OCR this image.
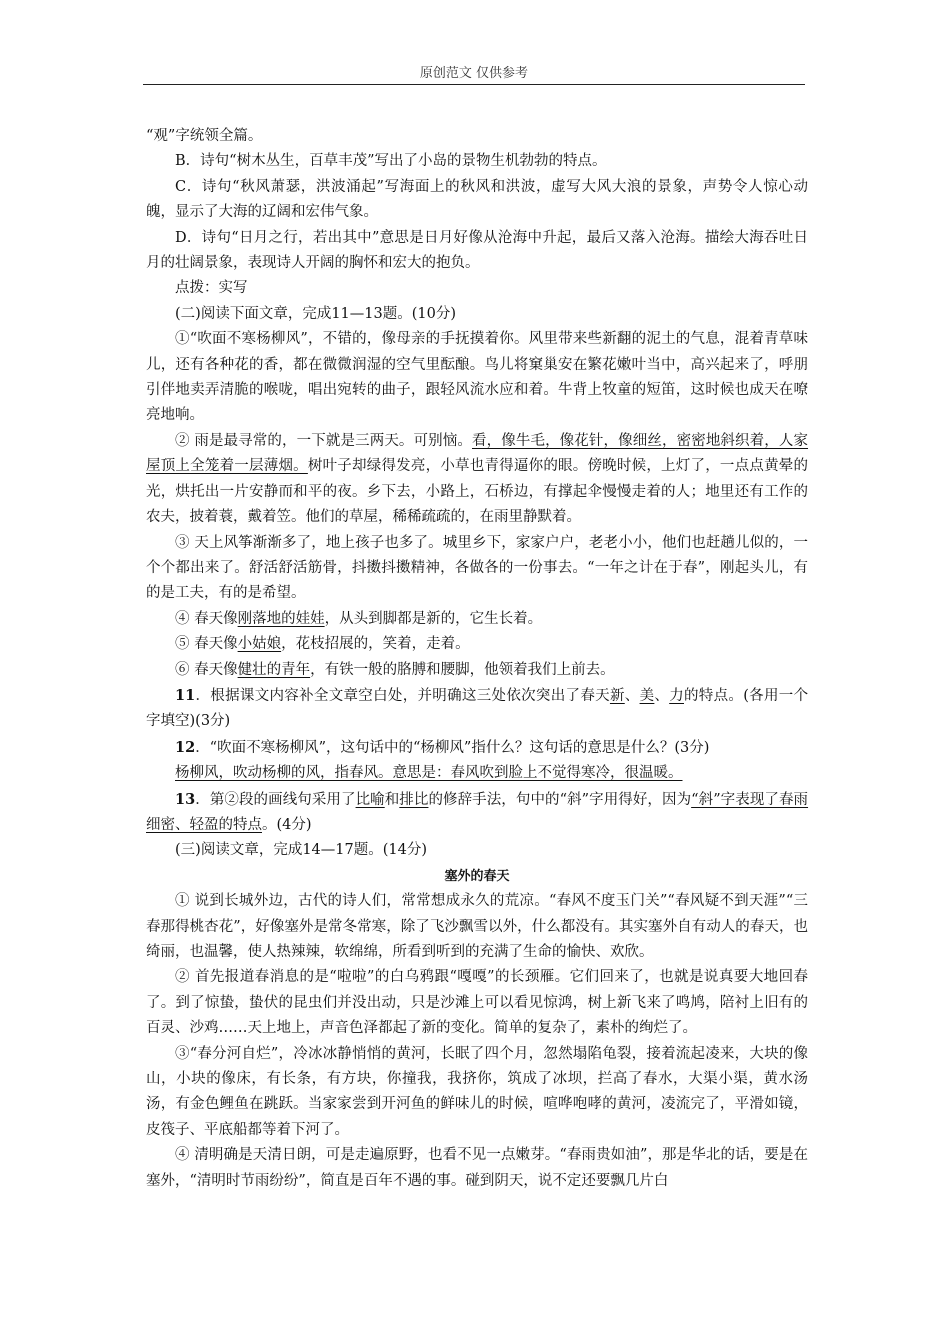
原创范文 仅供参考

“观”字统领全篇。

B．诗句“树木丛生，百草丰茂”写出了小岛的景物生机勃勃的特点。

C．诗句“秋风萧瑟，洪波涌起”写海面上的秋风和洪波，虚写大风大浪的景象，声势令人惊心动魄，显示了大海的辽阔和宏伟气象。

D．诗句“日月之行，若出其中”意思是日月好像从沧海中升起，最后又落入沧海。描绘大海吞吐日月的壮阔景象，表现诗人开阔的胸怀和宏大的抱负。

点拨：实写

(二)阅读下面文章，完成11—13题。(10分)

①“吹面不寒杨柳风”，不错的，像母亲的手抚摸着你。风里带来些新翻的泥土的气息，混着青草味儿，还有各种花的香，都在微微润湿的空气里酝酿。鸟儿将窠巢安在繁花嫩叶当中，高兴起来了，呼朋引伴地卖弄清脆的喉咙，唱出宛转的曲子，跟轻风流水应和着。牛背上牧童的短笛，这时候也成天在嘹亮地响。

② 雨是最寻常的，一下就是三两天。可别恼。看，像牛毛，像花针，像细丝，密密地斜织着，人家屋顶上全笼着一层薄烟。树叶子却绿得发亮，小草也青得逼你的眼。傍晚时候，上灯了，一点点黄晕的光，烘托出一片安静而和平的夜。乡下去，小路上，石桥边，有撑起伞慢慢走着的人；地里还有工作的农夫，披着蓑，戴着笠。他们的草屋，稀稀疏疏的，在雨里静默着。

③ 天上风筝渐渐多了，地上孩子也多了。城里乡下，家家户户，老老小小，他们也赶趟儿似的，一个个都出来了。舒活舒活筋骨，抖擞抖擞精神，各做各的一份事去。“一年之计在于春”，刚起头儿，有的是工夫，有的是希望。

④ 春天像刚落地的娃娃，从头到脚都是新的，它生长着。

⑤ 春天像小姑娘，花枝招展的，笑着，走着。

⑥ 春天像健壮的青年，有铁一般的胳膊和腰脚，他领着我们上前去。

11．根据课文内容补全文章空白处，并明确这三处依次突出了春天新、美、力的特点。(各用一个字填空)(3分)

12．“吹面不寒杨柳风”，这句话中的“杨柳风”指什么？这句话的意思是什么？(3分)

杨柳风，吹动杨柳的风，指春风。意思是：春风吹到脸上不觉得寒冷，很温暖。

13．第②段的画线句采用了比喻和排比的修辞手法，句中的“斜”字用得好，因为“斜”字表现了春雨细密、轻盈的特点。(4分)

(三)阅读文章，完成14—17题。(14分)

塞外的春天

① 说到长城外边，古代的诗人们，常常想成永久的荒凉。“春风不度玉门关”“春风疑不到天涯”“三春那得桃杏花”，好像塞外是常冬常寒，除了飞沙飘雪以外，什么都没有。其实塞外自有动人的春天，也绮丽，也温馨，使人热辣辣，软绵绵，所看到听到的充满了生命的愉快、欢欣。

② 首先报道春消息的是“啦啦”的白乌鸦跟“嘎嘎”的长颈雁。它们回来了，也就是说真要大地回春了。到了惊蛰，蛰伏的昆虫们并没出动，只是沙滩上可以看见惊鸿，树上新飞来了鸣鸠，陪衬上旧有的百灵、沙鸡……天上地上，声音色泽都起了新的变化。简单的复杂了，素朴的绚烂了。

③“春分河自烂”，冷冰冰静悄悄的黄河，长眠了四个月，忽然塌陷龟裂，接着流起凌来，大块的像山，小块的像床，有长条，有方块，你撞我，我挤你，筑成了冰坝，拦高了春水，大渠小渠，黄水汤汤，有金色鲤鱼在跳跃。当家家尝到开河鱼的鲜味儿的时候，喧哗咆哮的黄河，凌流完了，平滑如镜，皮筏子、平底船都等着下河了。

④ 清明确是天清日朗，可是走遍原野，也看不见一点嫩芽。“春雨贵如油”，那是华北的话，要是在塞外，“清明时节雨纷纷”，简直是百年不遇的事。碰到阴天，说不定还要飘几片白
